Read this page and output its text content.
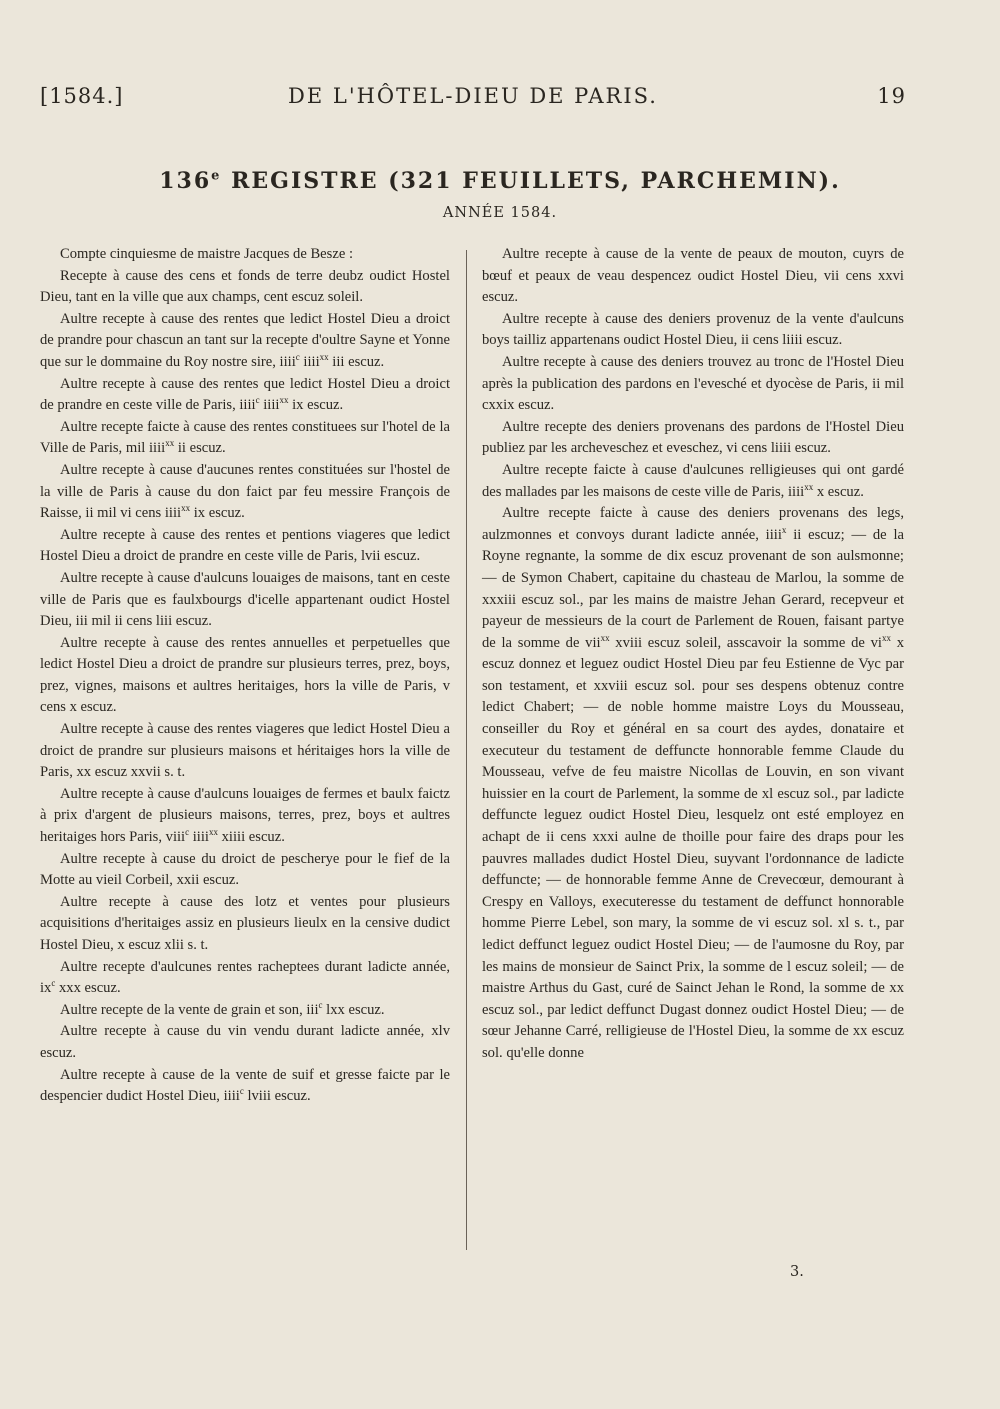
DE L'HÔTEL-DIEU DE PARIS.
[1584.]	19
136e REGISTRE (321 FEUILLETS, PARCHEMIN).
ANNÉE 1584.

Compte cinquiesme de maistre Jacques de Besze :

Recepte à cause des cens et fonds de terre deubz oudict Hostel Dieu, tant en la ville que aux champs, cent escuz soleil.

Aultre recepte à cause des rentes que ledict Hostel Dieu a droict de prandre pour chascun an tant sur la recepte d'oultre Sayne et Yonne que sur le dommaine du Roy nostre sire, iiii$^c$ iiii$^{xx}$ iii escuz.

Aultre recepte à cause des rentes que ledict Hostel Dieu a droict de prandre en ceste ville de Paris, iiii$^c$ iiii$^{xx}$ ix escuz.

Aultre recepte faicte à cause des rentes constituees sur l'hotel de la Ville de Paris, mil iiii$^{xx}$ ii escuz.

Aultre recepte à cause d'aucunes rentes constituées sur l'hostel de la ville de Paris à cause du don faict par feu messire François de Raisse, ii mil vi cens iiii$^{xx}$ ix escuz.

Aultre recepte à cause des rentes et pentions viageres que ledict Hostel Dieu a droict de prandre en ceste ville de Paris, lvii escuz.

Aultre recepte à cause d'aulcuns louaiges de maisons, tant en ceste ville de Paris que es faulxbourgs d'icelle appartenant oudict Hostel Dieu, iii mil ii cens liii escuz.

Aultre recepte à cause des rentes annuelles et perpetuelles que ledict Hostel Dieu a droict de prandre sur plusieurs terres, prez, boys, prez, vignes, maisons et aultres heritaiges, hors la ville de Paris, v cens x escuz.

Aultre recepte à cause des rentes viageres que ledict Hostel Dieu a droict de prandre sur plusieurs maisons et héritaiges hors la ville de Paris, xx escuz xxvii s. t.

Aultre recepte à cause d'aulcuns louaiges de fermes et baulx faictz à prix d'argent de plusieurs maisons, terres, prez, boys et aultres heritaiges hors Paris, viii$^c$ iiii$^{xx}$ xiiii escuz.

Aultre recepte à cause du droict de pescherye pour le fief de la Motte au vieil Corbeil, xxii escuz.

Aultre recepte à cause des lotz et ventes pour plusieurs acquisitions d'heritaiges assiz en plusieurs lieulx en la censive dudict Hostel Dieu, x escuz xlii s. t.

Aultre recepte d'aulcunes rentes racheptees durant ladicte année, $ix^c$ xxx escuz.

Aultre recepte de la vente de grain et son, iii$^c$ lxx escuz.

Aultre recepte à cause du vin vendu durant ladicte année, xlv escuz.

Aultre recepte à cause de la vente de suif et gresse faicte par le despencier dudict Hostel Dieu, iiii$^c$ lviii escuz.

Aultre recepte à cause de la vente de peaux de mouton, cuyrs de bœuf et peaux de veau despencez oudict Hostel Dieu, vii cens xxvi escuz.

Aultre recepte à cause des deniers provenuz de la vente d'aulcuns boys tailliz appartenans oudict Hostel Dieu, ii cens liiii escuz.

Aultre recepte à cause des deniers trouvez au tronc de l'Hostel Dieu après la publication des pardons en l'evesché et dyocèse de Paris, ii mil cxxix escuz.

Aultre recepte des deniers provenans des pardons de l'Hostel Dieu publiez par les archeveschez et eveschez, vi cens liiii escuz.

Aultre recepte faicte à cause d'aulcunes relligieuses qui ont gardé des mallades par les maisons de ceste ville de Paris, iiii$^{xx}$ x escuz.

Aultre recepte faicte à cause des deniers provenans des legs, aulzmonnes et convoys durant ladicte année, iiii$^x$ ii escuz; — de la Royne regnante, la somme de dix escuz provenant de son aulsmonne; — de Symon Chabert, capitaine du chasteau de Marlou, la somme de xxxiii escuz sol., par les mains de maistre Jehan Gerard, recepveur et payeur de messieurs de la court de Parlement de Rouen, faisant partye de la somme de vii$^{xx}$ xviii escuz soleil, asscavoir la somme de $vi^{xx}$ x escuz donnez et leguez oudict Hostel Dieu par feu Estienne de Vyc par son testament, et xxviii escuz sol. pour ses despens obtenuz contre ledict Chabert; — de noble homme maistre Loys du Mousseau, conseiller du Roy et général en sa court des aydes, donataire et executeur du testament de deffuncte honnorable femme Claude du Mousseau, vefve de feu maistre Nicollas de Louvin, en son vivant huissier en la court de Parlement, la somme de xl escuz sol., par ladicte deffuncte leguez oudict Hostel Dieu, lesquelz ont esté employez en achapt de ii cens xxxi aulne de thoille pour faire des draps pour les pauvres mallades dudict Hostel Dieu, suyvant l'ordonnance de ladicte deffuncte; — de honnorable femme Anne de Crevecœur, demourant à Crespy en Valloys, executeresse du testament de deffunct honnorable homme Pierre Lebel, son mary, la somme de vi escuz sol. xl s. t., par ledict deffunct leguez oudict Hostel Dieu; — de l'aumosne du Roy, par les mains de monsieur de Sainct Prix, la somme de l escuz soleil; — de maistre Arthus du Gast, curé de Sainct Jehan le Rond, la somme de xx escuz sol., par ledict deffunct Dugast donnez oudict Hostel Dieu; — de sœur Jehanne Carré, relligieuse de l'Hostel Dieu, la somme de xx escuz sol. qu'elle donne

3.
